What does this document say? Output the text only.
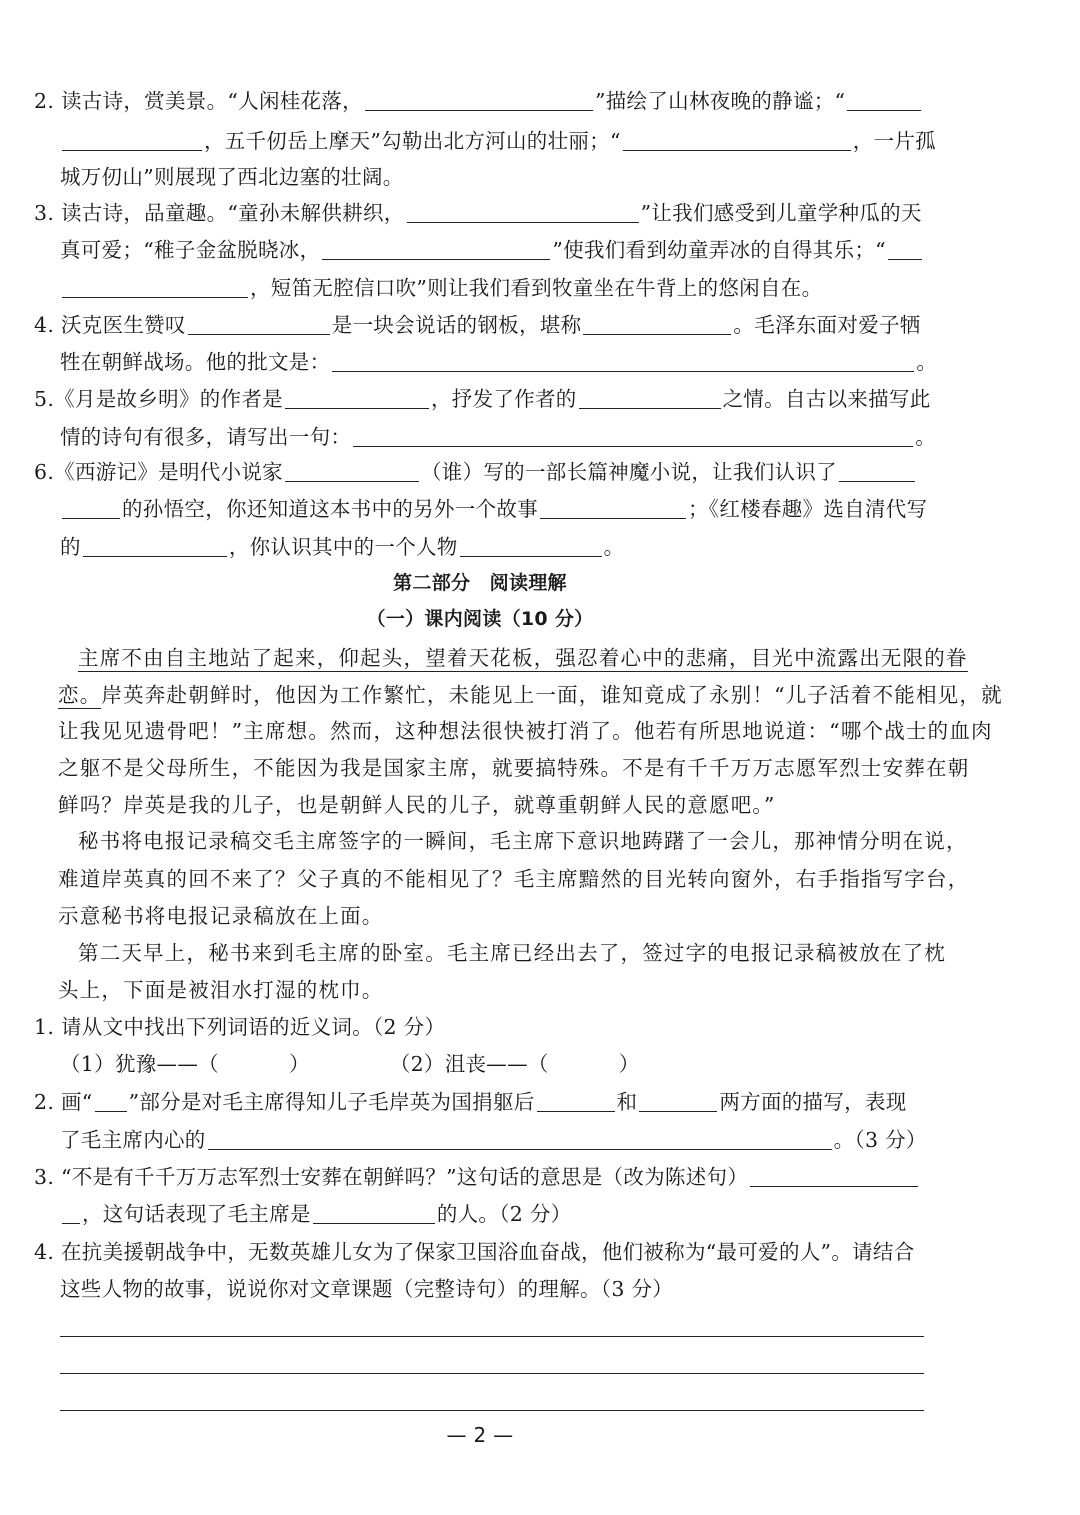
2. 读古诗，赏美景。“人闲桂花落，	”描绘了山林夜晚的静谧；“
，五千仞岳上摩天”勾勒出北方河山的壮丽；“	，一片孤
城万仞山”则展现了西北边塞的壮阔。
3. 读古诗，品童趣。“童孙未解供耕织，	”让我们感受到儿童学种瓜的天
真可爱；“稚子金盆脱晓冰，	”使我们看到幼童弄冰的自得其乐；“
，短笛无腔信口吹”则让我们看到牧童坐在牛背上的悠闲自在。
4. 沃克医生赞叹	是一块会说话的钢板，堪称	。毛泽东面对爱子牺
牲在朝鲜战场。他的批文是：	。
5.《月是故乡明》的作者是	，抒发了作者的	之情。自古以来描写此
情的诗句有很多，请写出一句：	。
6.《西游记》是明代小说家	（谁）写的一部长篇神魔小说，让我们认识了
的孙悟空，你还知道这本书中的另外一个故事	；《红楼春趣》选自清代写
的	，你认识其中的一个人物	。
第二部分　阅读理解
（一）课内阅读（10 分）
主席不由自主地站了起来，仰起头，望着天花板，强忍着心中的悲痛，目光中流露出无限的眷
恋。岸英奔赴朝鲜时，他因为工作繁忙，未能见上一面，谁知竟成了永别！“儿子活着不能相见，就
让我见见遗骨吧！”主席想。然而，这种想法很快被打消了。他若有所思地说道：“哪个战士的血肉
之躯不是父母所生，不能因为我是国家主席，就要搞特殊。不是有千千万万志愿军烈士安葬在朝
鲜吗？岸英是我的儿子，也是朝鲜人民的儿子，就尊重朝鲜人民的意愿吧。”
秘书将电报记录稿交毛主席签字的一瞬间，毛主席下意识地踌躇了一会儿，那神情分明在说，
难道岸英真的回不来了？父子真的不能相见了？毛主席黯然的目光转向窗外，右手指指写字台，
示意秘书将电报记录稿放在上面。
第二天早上，秘书来到毛主席的卧室。毛主席已经出去了，签过字的电报记录稿被放在了枕
头上，下面是被泪水打湿的枕巾。
1. 请从文中找出下列词语的近义词。（2 分）
（1）犹豫——（	）	（2）沮丧——（	）
2. 画“ ”部分是对毛主席得知儿子毛岸英为国捐躯后	和	两方面的描写，表现
了毛主席内心的	。（3 分）
3. “不是有千千万万志军烈士安葬在朝鲜吗？”这句话的意思是（改为陈述句）
，这句话表现了毛主席是	的人。（2 分）
4. 在抗美援朝战争中，无数英雄儿女为了保家卫国浴血奋战，他们被称为“最可爱的人”。请结合
这些人物的故事，说说你对文章课题（完整诗句）的理解。（3 分）
— 2 —
